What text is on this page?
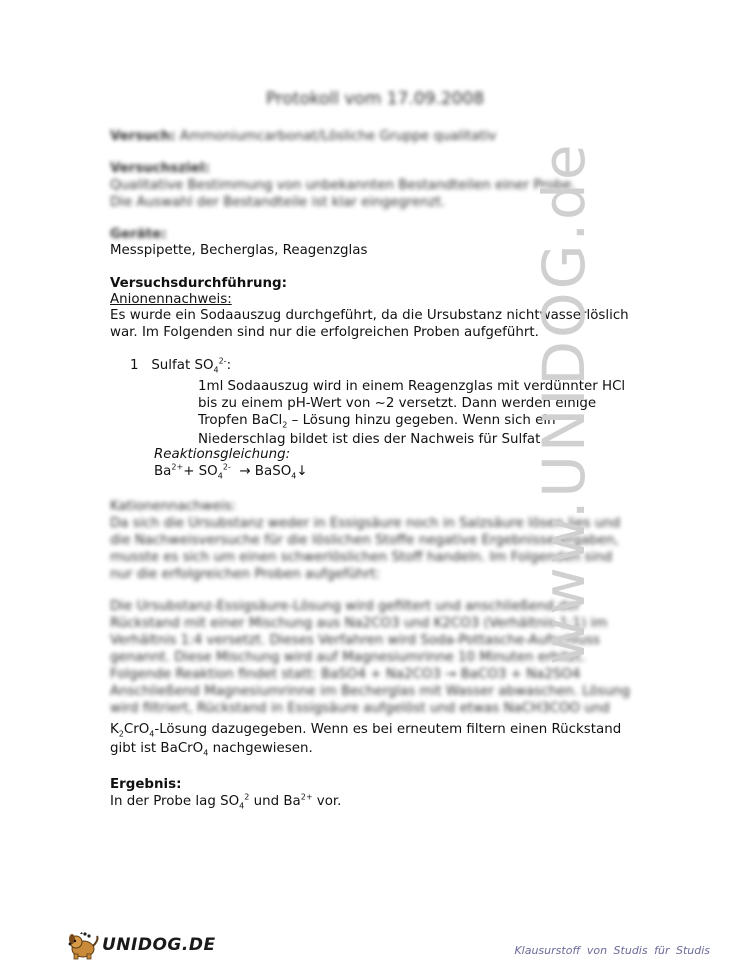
Protokoll vom 17.09.2008
Versuch: Ammoniumcarbonat/Lösliche Gruppe qualitativ
Versuchsziel:
Qualitative Bestimmung von unbekannten Bestandteilen einer Probe.
Die Auswahl der Bestandteile ist klar eingegrenzt.
Geräte:
Messpipette, Becherglas, Reagenzglas
Versuchsdurchführung:
Anionennachweis:
Es wurde ein Sodaauszug durchgeführt, da die Ursubstanz nichtwasserlöslich
war. Im Folgenden sind nur die erfolgreichen Proben aufgeführt.
1 Sulfat $SO_4^{2-}$:
1ml Sodaauszug wird in einem Reagenzglas mit verdünnter HCl
bis zu einem pH-Wert von ~2 versetzt. Dann werden einige
Tropfen BaCl$_2$ – Lösung hinzu gegeben. Wenn sich ein
Niederschlag bildet ist dies der Nachweis für Sulfat.
Reaktionsgleichung:
$Ba^{2+}+ SO_4^{2-}$  → BaSO$_4$↓
Kationennachweis:
Da sich die Ursubstanz weder in Essigsäure noch in Salzsäure lösen lies und
die Nachweisversuche für die löslichen Stoffe negative Ergebnisse ergaben,
musste es sich um einen schwerlöslichen Stoff handeln. Im Folgenden sind
nur die erfolgreichen Proben aufgeführt:
Die Ursubstanz-Essigsäure-Lösung wird gefiltert und anschließend der
Rückstand mit einer Mischung aus Na2CO3 und K2CO3 (Verhältnis 1:1) im
Verhältnis 1:4 versetzt. Dieses Verfahren wird Soda-Pottasche-Aufschluss
genannt. Diese Mischung wird auf Magnesiumrinne 10 Minuten erhitzt.
Folgende Reaktion findet statt: BaSO4 + Na2CO3 → BaCO3 + Na2SO4
Anschließend Magnesiumrinne im Becherglas mit Wasser abwaschen. Lösung
wird filtriert, Rückstand in Essigsäure aufgelöst und etwas NaCH3COO und
$K_2CrO_4$-Lösung dazugegeben. Wenn es bei erneutem filtern einen Rückstand
gibt ist BaCrO$_4$ nachgewiesen.
Ergebnis:
In der Probe lag $SO_4^2$ und $Ba^{2+}$ vor.
www.UNIDOG.de
UNIDOG.DE	Klausurstoff von Studis für Studis
